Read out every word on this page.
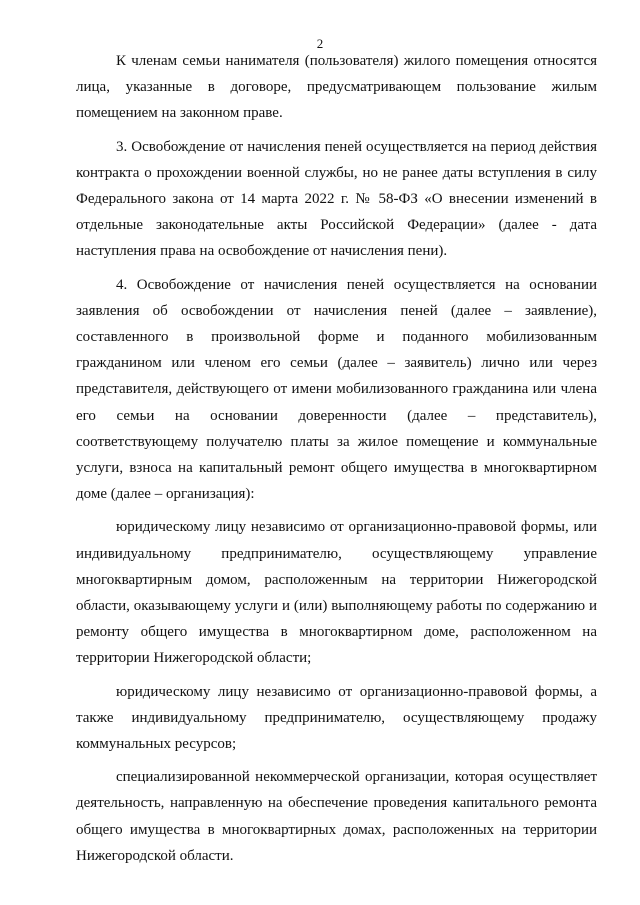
2

К членам семьи нанимателя (пользователя) жилого помещения относятся лица, указанные в договоре, предусматривающем пользование жилым помещением на законном праве.

3. Освобождение от начисления пеней осуществляется на период действия контракта о прохождении военной службы, но не ранее даты вступления в силу Федерального закона от 14 марта 2022 г. № 58-ФЗ «О внесении изменений в отдельные законодательные акты Российской Федерации» (далее - дата наступления права на освобождение от начисления пени).

4. Освобождение от начисления пеней осуществляется на основании заявления об освобождении от начисления пеней (далее – заявление), составленного в произвольной форме и поданного мобилизованным гражданином или членом его семьи (далее – заявитель) лично или через представителя, действующего от имени мобилизованного гражданина или члена его семьи на основании доверенности (далее – представитель), соответствующему получателю платы за жилое помещение и коммунальные услуги, взноса на капитальный ремонт общего имущества в многоквартирном доме (далее – организация):

юридическому лицу независимо от организационно-правовой формы, или индивидуальному предпринимателю, осуществляющему управление многоквартирным домом, расположенным на территории Нижегородской области, оказывающему услуги и (или) выполняющему работы по содержанию и ремонту общего имущества в многоквартирном доме, расположенном на территории Нижегородской области;

юридическому лицу независимо от организационно-правовой формы, а также индивидуальному предпринимателю, осуществляющему продажу коммунальных ресурсов;

специализированной некоммерческой организации, которая осуществляет деятельность, направленную на обеспечение проведения капитального ремонта общего имущества в многоквартирных домах, расположенных на территории Нижегородской области.
